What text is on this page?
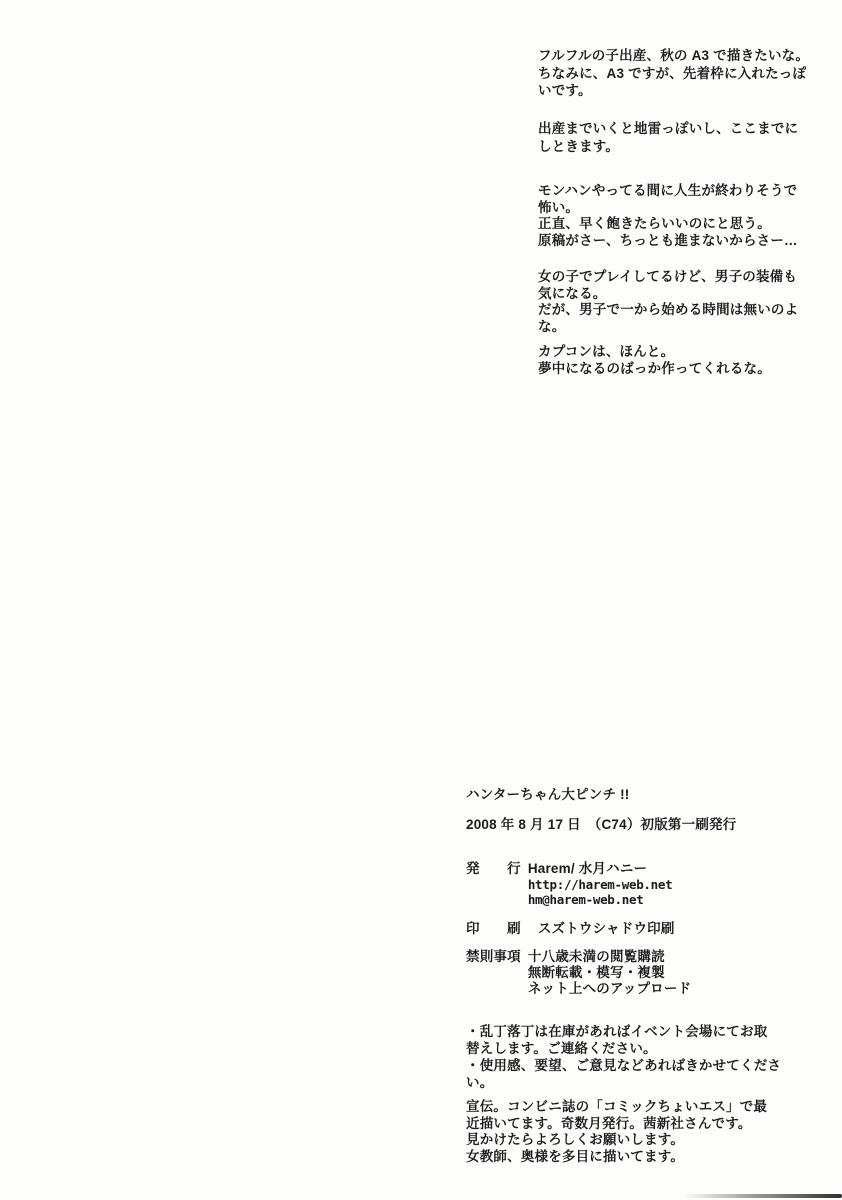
フルフルの子出産、秋の A3 で描きたいな。
ちなみに、A3 ですが、先着枠に入れたっぽ
いです。

出産までいくと地雷っぽいし、ここまでに
しときます。

モンハンやってる間に人生が終わりそうで
怖い。
正直、早く飽きたらいいのにと思う。
原稿がさー、ちっとも進まないからさー…

女の子でプレイしてるけど、男子の装備も
気になる。
だが、男子で一から始める時間は無いのよ
な。

カプコンは、ほんと。
夢中になるのばっか作ってくれるな。

ハンターちゃん大ピンチ !!
2008 年 8 月 17 日　（C74）初版第一刷発行
発　　行 Harem/ 水月ハニー
http://harem-web.net
hm@harem-web.net
印　　刷 スズトウシャドウ印刷
禁則事項 十八歳未満の閲覧購読
無断転載・模写・複製
ネット上へのアップロード
・乱丁落丁は在庫があればイベント会場にてお取
替えします。ご連絡ください。
・使用感、要望、ご意見などあればきかせてくださ
い。
宣伝。コンビニ誌の「コミックちょいエス」で最
近描いてます。奇数月発行。茜新社さんです。
見かけたらよろしくお願いします。
女教師、奥様を多目に描いてます。
